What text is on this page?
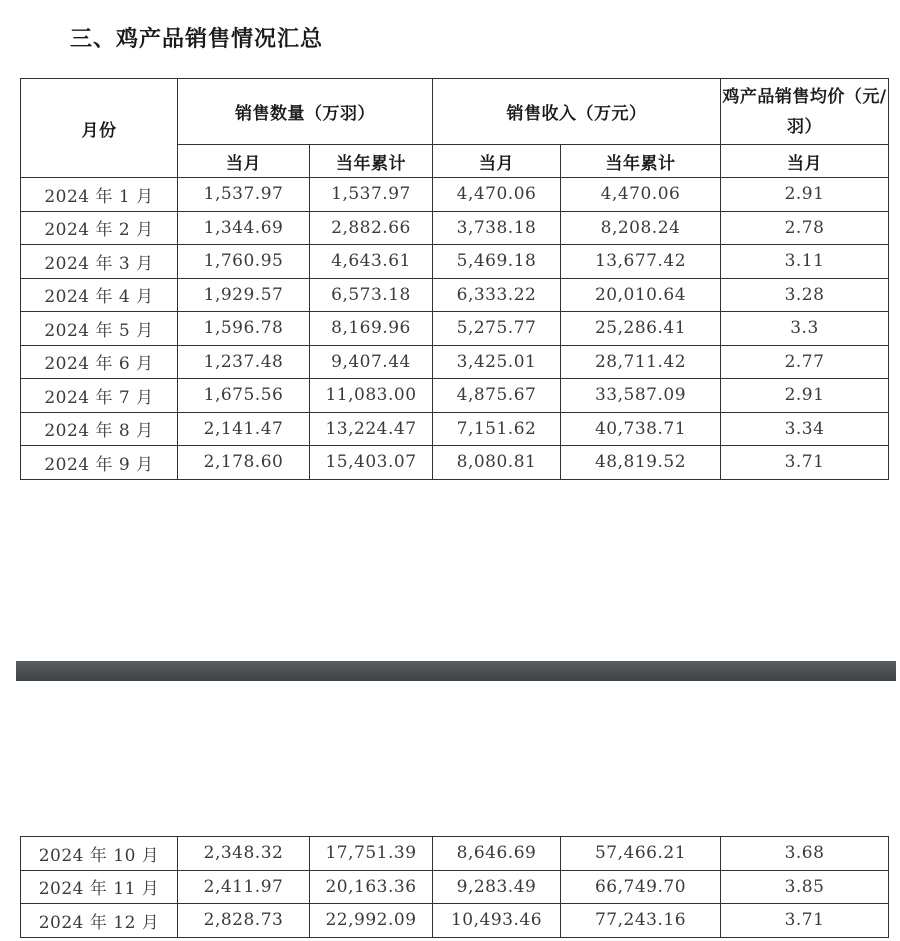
三、鸡产品销售情况汇总
月份	销售数量（万羽）		销售收入（万元）		鸡产品销售均价（元/羽）
	当月	当年累计	当月	当年累计	当月
2024 年 1 月	1,537.97	1,537.97	4,470.06	4,470.06	2.91
2024 年 2 月	1,344.69	2,882.66	3,738.18	8,208.24	2.78
2024 年 3 月	1,760.95	4,643.61	5,469.18	13,677.42	3.11
2024 年 4 月	1,929.57	6,573.18	6,333.22	20,010.64	3.28
2024 年 5 月	1,596.78	8,169.96	5,275.77	25,286.41	3.3
2024 年 6 月	1,237.48	9,407.44	3,425.01	28,711.42	2.77
2024 年 7 月	1,675.56	11,083.00	4,875.67	33,587.09	2.91
2024 年 8 月	2,141.47	13,224.47	7,151.62	40,738.71	3.34
2024 年 9 月	2,178.60	15,403.07	8,080.81	48,819.52	3.71
2024 年 10 月	2,348.32	17,751.39	8,646.69	57,466.21	3.68
2024 年 11 月	2,411.97	20,163.36	9,283.49	66,749.70	3.85
2024 年 12 月	2,828.73	22,992.09	10,493.46	77,243.16	3.71
